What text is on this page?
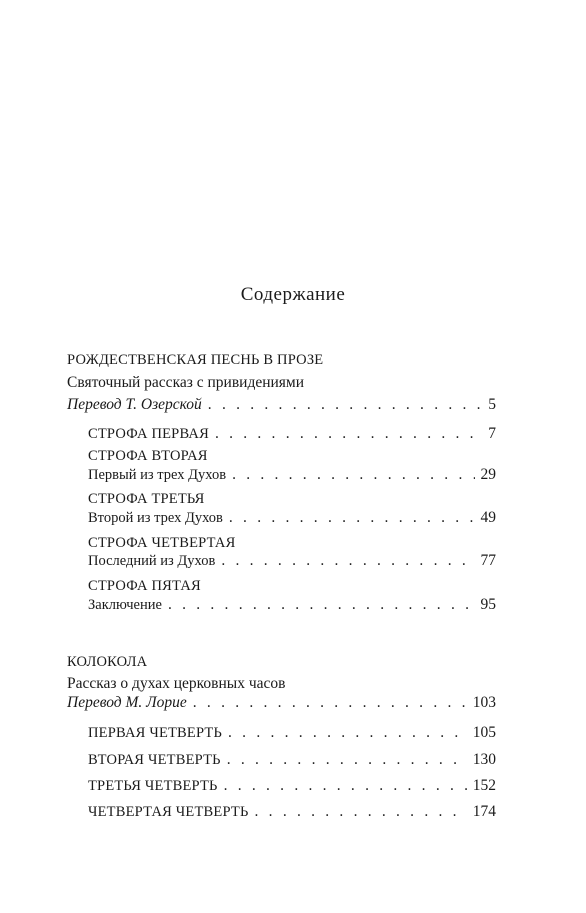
Содержание
РОЖДЕСТВЕНСКАЯ ПЕСНЬ В ПРОЗЕ
Святочный рассказ с привидениями
Перевод Т. Озерской . . .	5
СТРОФА ПЕРВАЯ . . .	7
СТРОФА ВТОРАЯ
Первый из трех Духов . . .	29
СТРОФА ТРЕТЬЯ
Второй из трех Духов . . .	49
СТРОФА ЧЕТВЕРТАЯ
Последний из Духов . . .	77
СТРОФА ПЯТАЯ
Заключение . . .	95
КОЛОКОЛА
Рассказ о духах церковных часов
Перевод М. Лорие . . .	103
ПЕРВАЯ ЧЕТВЕРТЬ . . .	105
ВТОРАЯ ЧЕТВЕРТЬ . . .	130
ТРЕТЬЯ ЧЕТВЕРТЬ . . .	152
ЧЕТВЕРТАЯ ЧЕТВЕРТЬ . . .	174
